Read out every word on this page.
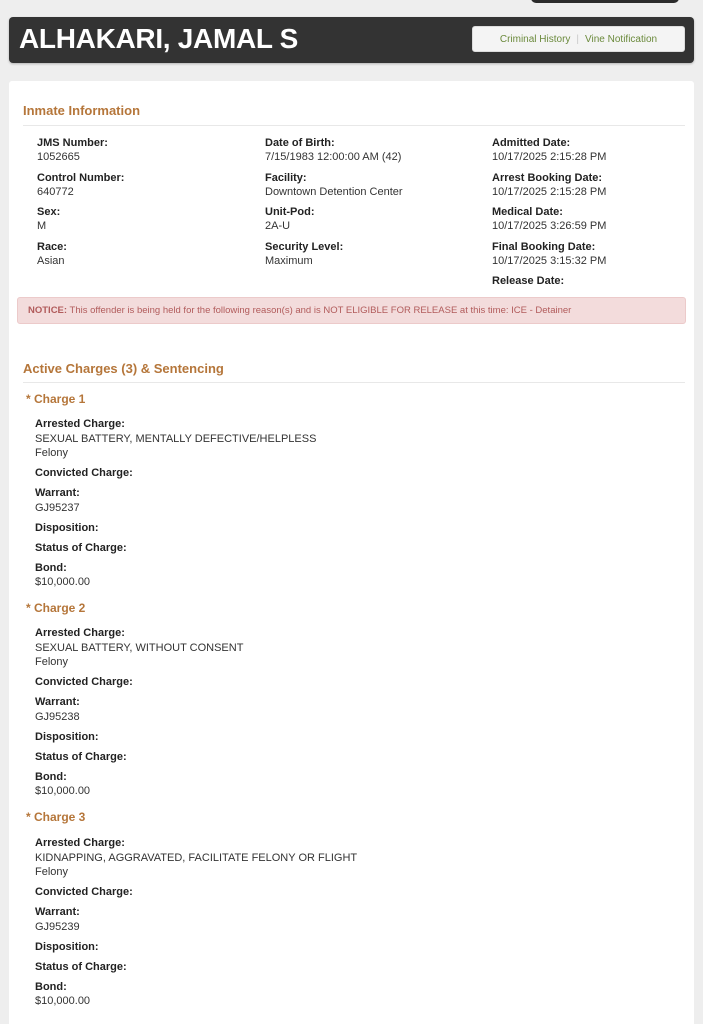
ALHAKARI, JAMAL S	Criminal History | Vine Notification
Inmate Information
JMS Number:
1052665
Control Number:
640772
Sex:
M
Race:
Asian
Date of Birth:
7/15/1983 12:00:00 AM (42)
Facility:
Downtown Detention Center
Unit-Pod:
2A-U
Security Level:
Maximum
Admitted Date:
10/17/2025 2:15:28 PM
Arrest Booking Date:
10/17/2025 2:15:28 PM
Medical Date:
10/17/2025 3:26:59 PM
Final Booking Date:
10/17/2025 3:15:32 PM
Release Date:
NOTICE: This offender is being held for the following reason(s) and is NOT ELIGIBLE FOR RELEASE at this time: ICE - Detainer
Active Charges (3) & Sentencing
* Charge 1
Arrested Charge:
SEXUAL BATTERY, MENTALLY DEFECTIVE/HELPLESS
Felony
Convicted Charge:
Warrant:
GJ95237
Disposition:
Status of Charge:
Bond:
$10,000.00
* Charge 2
Arrested Charge:
SEXUAL BATTERY, WITHOUT CONSENT
Felony
Convicted Charge:
Warrant:
GJ95238
Disposition:
Status of Charge:
Bond:
$10,000.00
* Charge 3
Arrested Charge:
KIDNAPPING, AGGRAVATED, FACILITATE FELONY OR FLIGHT
Felony
Convicted Charge:
Warrant:
GJ95239
Disposition:
Status of Charge:
Bond:
$10,000.00
